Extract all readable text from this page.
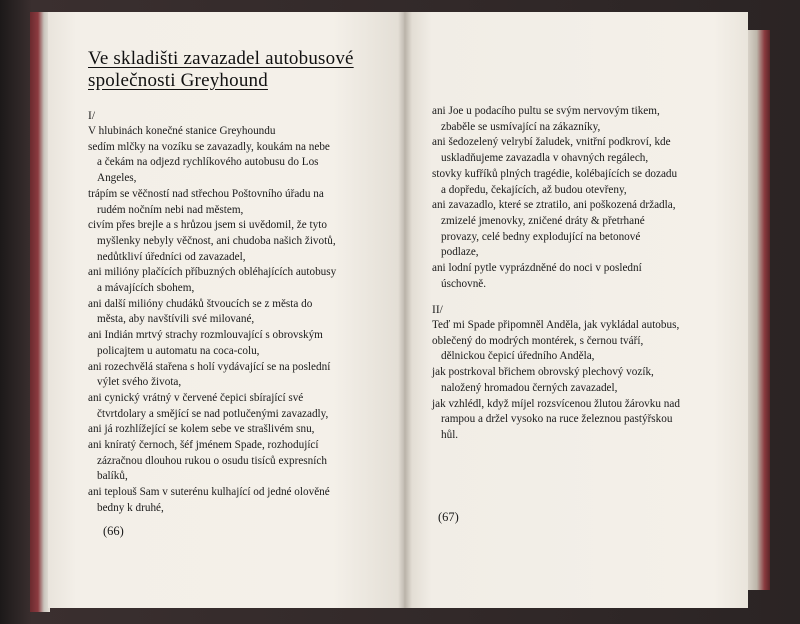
Ve skladišti zavazadel autobusové
společnosti Greyhound
I/
V hlubinách konečné stanice Greyhoundu
sedím mlčky na vozíku se zavazadly, koukám na nebe
a čekám na odjezd rychlíkového autobusu do Los
Angeles,
trápím se věčností nad střechou Poštovního úřadu na
rudém nočním nebi nad městem,
civím přes brejle a s hrůzou jsem si uvědomil, že tyto
myšlenky nebyly věčnost, ani chudoba našich životů,
nedůtkliví úředníci od zavazadel,
ani milióny plačících příbuzných obléhajících autobusy
a mávajících sbohem,
ani další milióny chudáků štvoucích se z města do
města, aby navštívili své milované,
ani Indián mrtvý strachy rozmlouvající s obrovským
policajtem u automatu na coca-colu,
ani rozechvělá stařena s holí vydávající se na poslední
výlet svého života,
ani cynický vrátný v červené čepici sbírající své
čtvrtdolary a smějící se nad potlučenými zavazadly,
ani já rozhlížející se kolem sebe ve strašlivém snu,
ani kníratý černoch, šéf jménem Spade, rozhodující
zázračnou dlouhou rukou o osudu tisíců expresních
balíků,
ani teplouš Sam v suterénu kulhající od jedné olověné
bedny k druhé,
(66)
ani Joe u podacího pultu se svým nervovým tikem,
zbaběle se usmívající na zákazníky,
ani šedozelený velrybí žaludek, vnitřní podkroví, kde
uskladňujeme zavazadla v ohavných regálech,
stovky kufříků plných tragédie, kolébajících se dozadu
a dopředu, čekajících, až budou otevřeny,
ani zavazadlo, které se ztratilo, ani poškozená držadla,
zmizelé jmenovky, zničené dráty & přetrhané
provazy, celé bedny explodující na betonové
podlaze,
ani lodní pytle vyprázdněné do noci v poslední
úschovně.
II/
Teď mi Spade připomněl Anděla, jak vykládal autobus,
oblečený do modrých montérek, s černou tváří,
dělnickou čepicí úředního Anděla,
jak postrkoval břichem obrovský plechový vozík,
naložený hromadou černých zavazadel,
jak vzhlédl, když míjel rozsvícenou žlutou žárovku nad
rampou a držel vysoko na ruce železnou pastýřskou
hůl.
(67)
